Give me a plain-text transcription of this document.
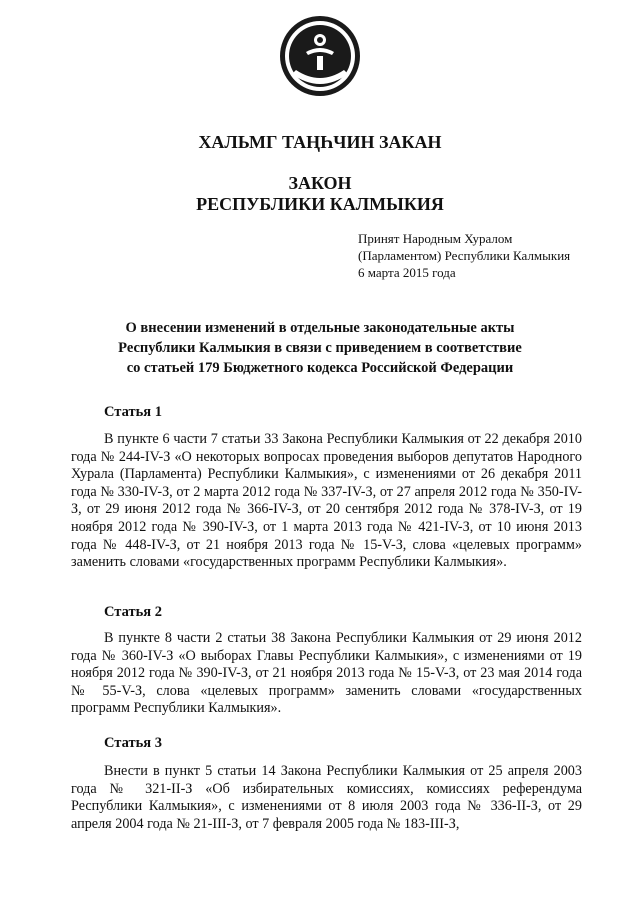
ХАЛЬМГ ТАҢҺЧИН ЗАКАН
ЗАКОН
РЕСПУБЛИКИ КАЛМЫКИЯ
Принят Народным Хуралом
(Парламентом) Республики Калмыкия
6 марта 2015 года
О внесении изменений в отдельные законодательные акты
Республики Калмыкия в связи с приведением в соответствие
со статьей 179 Бюджетного кодекса Российской Федерации
Статья 1

В пункте 6 части 7 статьи 33 Закона Республики Калмыкия от 22 декабря 2010 года № 244-IV-З «О некоторых вопросах проведения выборов депутатов Народного Хурала (Парламента) Республики Калмыкия», с изменениями от 26 декабря 2011 года № 330-IV-З, от 2 марта 2012 года № 337-IV-З, от 27 апреля 2012 года № 350-IV-З, от 29 июня 2012 года № 366-IV-З, от 20 сентября 2012 года № 378-IV-З, от 19 ноября 2012 года № 390-IV-З, от 1 марта 2013 года № 421-IV-З, от 10 июня 2013 года № 448-IV-З, от 21 ноября 2013 года № 15-V-З, слова «целевых программ» заменить словами «государственных программ Республики Калмыкия».

Статья 2

В пункте 8 части 2 статьи 38 Закона Республики Калмыкия от 29 июня 2012 года № 360-IV-З «О выборах Главы Республики Калмыкия», с изменениями от 19 ноября 2012 года № 390-IV-З, от 21 ноября 2013 года № 15-V-З, от 23 мая 2014 года № 55-V-З, слова «целевых программ» заменить словами «государственных программ Республики Калмыкия».

Статья 3

Внести в пункт 5 статьи 14 Закона Республики Калмыкия от 25 апреля 2003 года № 321-II-З «Об избирательных комиссиях, комиссиях референдума Республики Калмыкия», с изменениями от 8 июля 2003 года № 336-II-З, от 29 апреля 2004 года № 21-III-З, от 7 февраля 2005 года № 183-III-З,
